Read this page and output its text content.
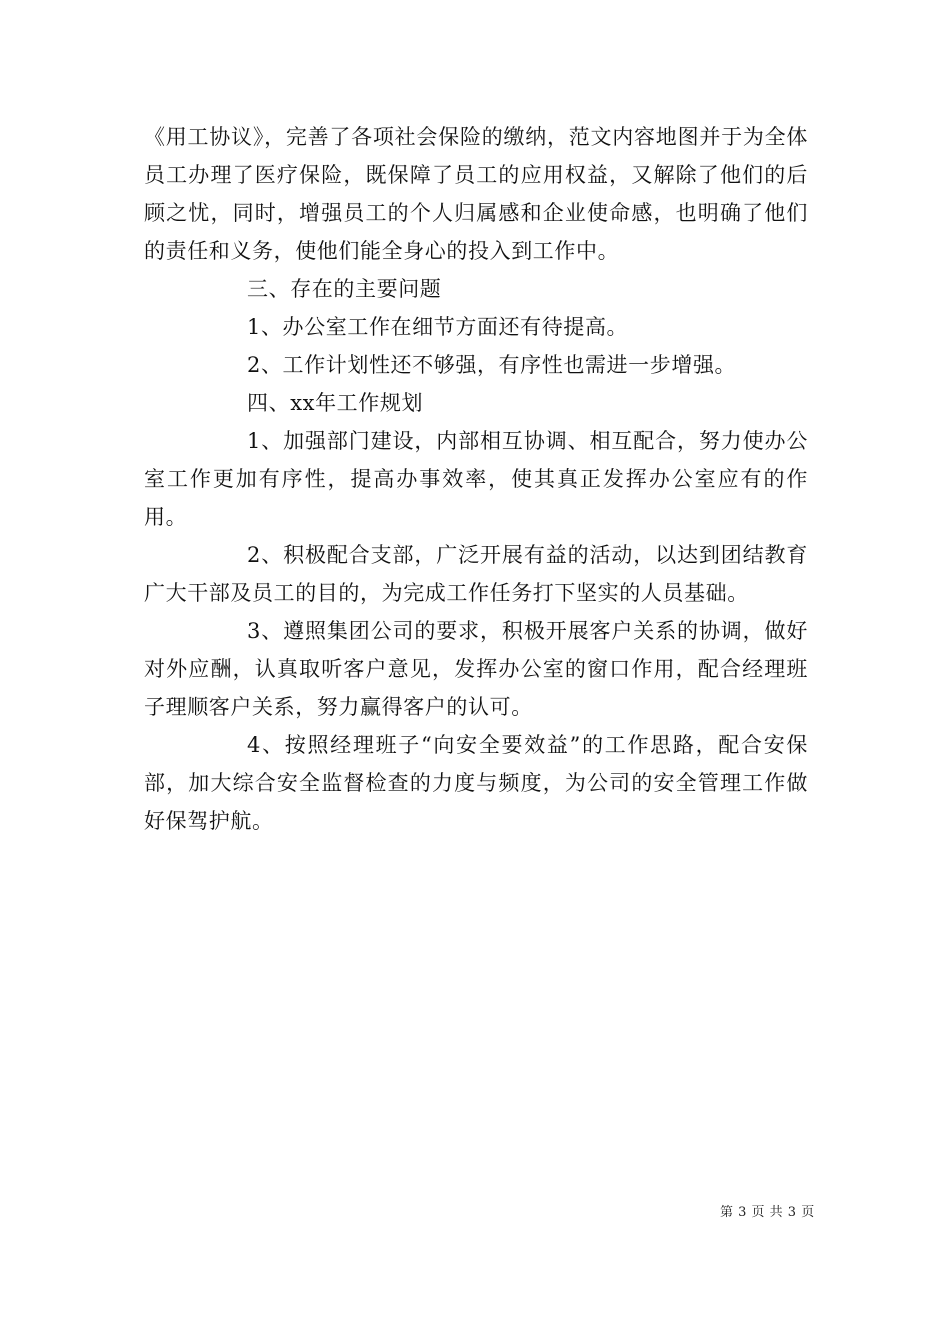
《用工协议》，完善了各项社会保险的缴纳，范文内容地图并于为全体员工办理了医疗保险，既保障了员工的应用权益，又解除了他们的后顾之忧，同时，增强员工的个人归属感和企业使命感，也明确了他们的责任和义务，使他们能全身心的投入到工作中。

三、存在的主要问题

1、办公室工作在细节方面还有待提高。

2、工作计划性还不够强，有序性也需进一步增强。

四、xx年工作规划

1、加强部门建设，内部相互协调、相互配合，努力使办公室工作更加有序性，提高办事效率，使其真正发挥办公室应有的作用。

2、积极配合支部，广泛开展有益的活动，以达到团结教育广大干部及员工的目的，为完成工作任务打下坚实的人员基础。

3、遵照集团公司的要求，积极开展客户关系的协调，做好对外应酬，认真取听客户意见，发挥办公室的窗口作用，配合经理班子理顺客户关系，努力赢得客户的认可。

4、按照经理班子“向安全要效益”的工作思路，配合安保部，加大综合安全监督检查的力度与频度，为公司的安全管理工作做好保驾护航。

第 3 页 共 3 页
